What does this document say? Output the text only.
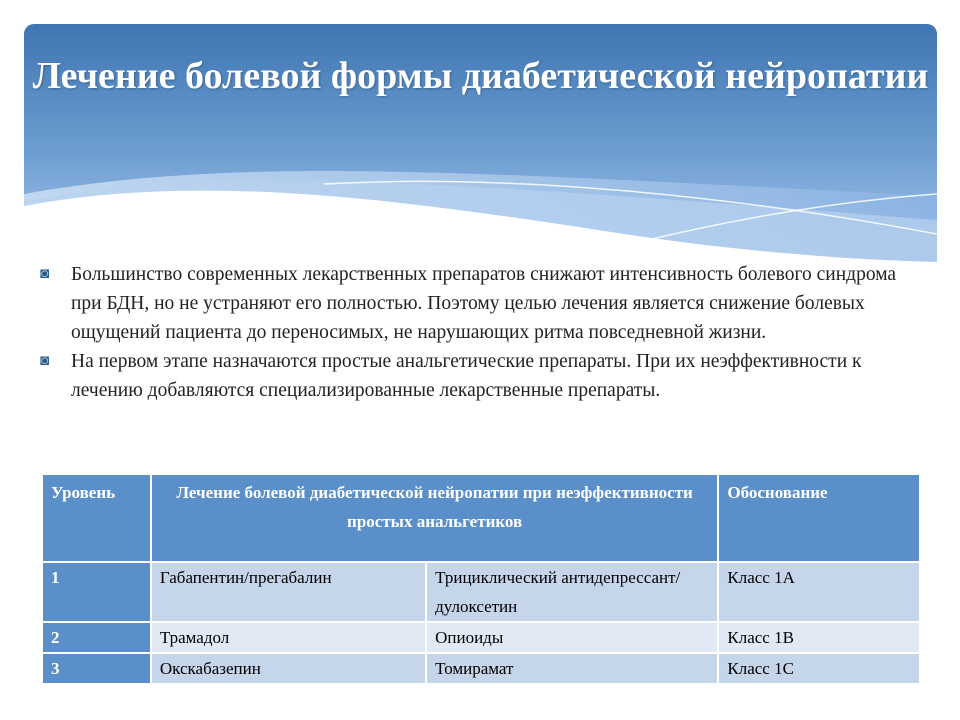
Лечение болевой формы диабетической нейропатии
◙ Большинство современных лекарственных препаратов снижают интенсивность болевого синдрома при БДН, но не устраняют его полностью. Поэтому целью лечения является снижение болевых ощущений пациента до переносимых, не нарушающих ритма повседневной жизни.
◙ На первом этапе назначаются простые анальгетические препараты. При их неэффективности к лечению добавляются специализированные лекарственные препараты.
Уровень	Лечение болевой диабетической нейропатии при неэффективности простых анальгетиков		Обоснование
1	Габапентин/прегабалин	Трициклический антидепрессант/дулоксетин	Класс 1А
2	Трамадол	Опиоиды	Класс 1В
3	Окскабазепин	Томирамат	Класс 1С
